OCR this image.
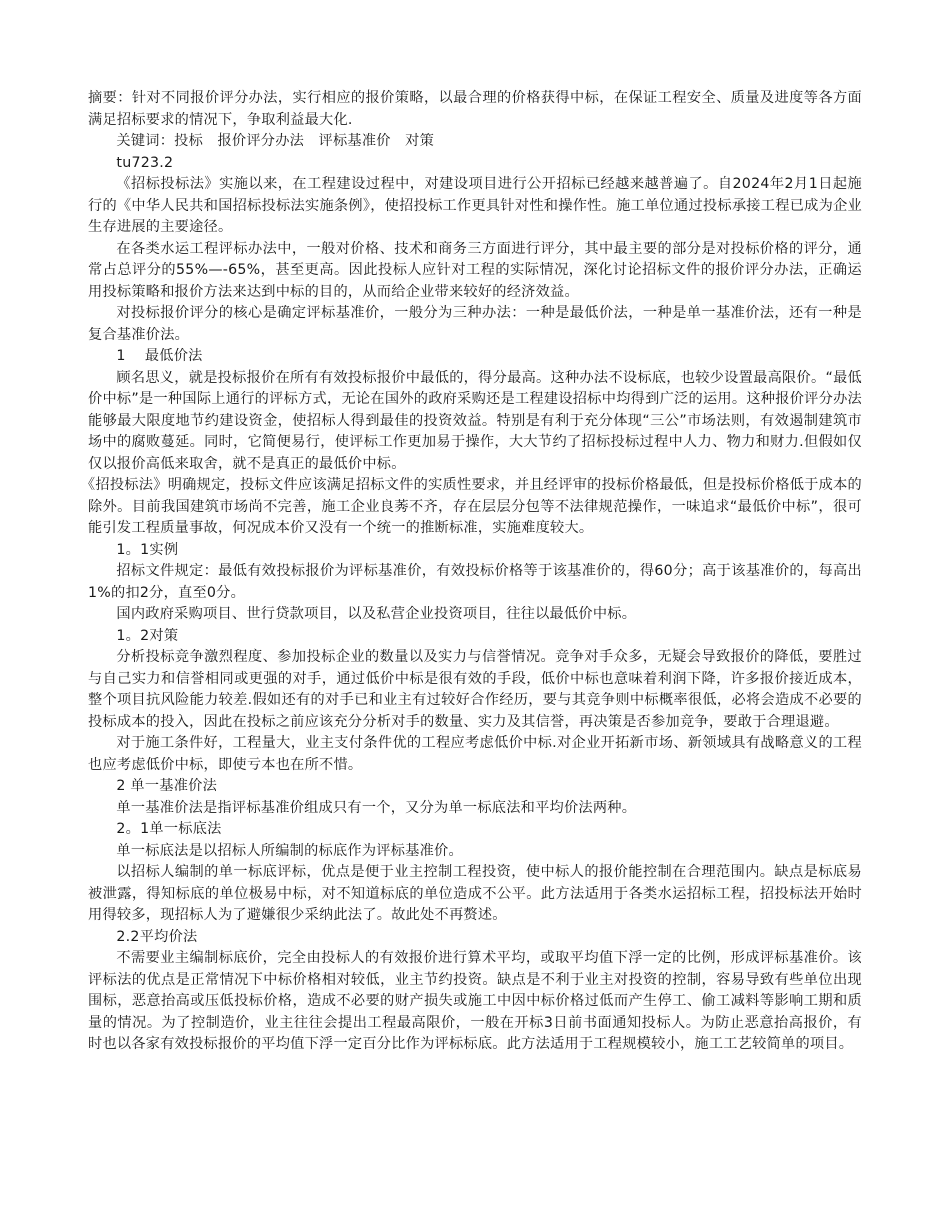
摘要：针对不同报价评分办法，实行相应的报价策略，以最合理的价格获得中标，在保证工程安全、质量及进度等各方面满足招标要求的情况下，争取利益最大化.

关键词：投标　报价评分办法　评标基准价　对策

tu723.2

《招标投标法》实施以来，在工程建设过程中，对建设项目进行公开招标已经越来越普遍了。自2024年2月1日起施行的《中华人民共和国招标投标法实施条例》，使招投标工作更具针对性和操作性。施工单位通过投标承接工程已成为企业生存进展的主要途径。

在各类水运工程评标办法中，一般对价格、技术和商务三方面进行评分，其中最主要的部分是对投标价格的评分，通常占总评分的55%—-65%，甚至更高。因此投标人应针对工程的实际情况，深化讨论招标文件的报价评分办法，正确运用投标策略和报价方法来达到中标的目的，从而给企业带来较好的经济效益。

对投标报价评分的核心是确定评标基准价，一般分为三种办法：一种是最低价法，一种是单一基准价法，还有一种是复合基准价法。

1　 最低价法

顾名思义，就是投标报价在所有有效投标报价中最低的，得分最高。这种办法不设标底，也较少设置最高限价。“最低价中标”是一种国际上通行的评标方式，无论在国外的政府采购还是工程建设招标中均得到广泛的运用。这种报价评分办法能够最大限度地节约建设资金，使招标人得到最佳的投资效益。特别是有利于充分体现“三公”市场法则，有效遏制建筑市场中的腐败蔓延。同时，它简便易行，使评标工作更加易于操作，大大节约了招标投标过程中人力、物力和财力.但假如仅仅以报价高低来取舍，就不是真正的最低价中标。

《招投标法》明确规定，投标文件应该满足招标文件的实质性要求，并且经评审的投标价格最低，但是投标价格低于成本的除外。目前我国建筑市场尚不完善，施工企业良莠不齐，存在层层分包等不法律规范操作，一味追求“最低价中标”，很可能引发工程质量事故，何况成本价又没有一个统一的推断标准，实施难度较大。

1。1实例

招标文件规定：最低有效投标报价为评标基准价，有效投标价格等于该基准价的，得60分；高于该基准价的，每高出1%的扣2分，直至0分。

国内政府采购项目、世行贷款项目，以及私营企业投资项目，往往以最低价中标。

1。2对策

分析投标竞争激烈程度、参加投标企业的数量以及实力与信誉情况。竞争对手众多，无疑会导致报价的降低，要胜过与自己实力和信誉相同或更强的对手，通过低价中标是很有效的手段，低价中标也意味着利润下降，许多报价接近成本，整个项目抗风险能力较差.假如还有的对手已和业主有过较好合作经历，要与其竞争则中标概率很低，必将会造成不必要的投标成本的投入，因此在投标之前应该充分分析对手的数量、实力及其信誉，再决策是否参加竞争，要敢于合理退避。

对于施工条件好，工程量大，业主支付条件优的工程应考虑低价中标.对企业开拓新市场、新领域具有战略意义的工程也应考虑低价中标，即使亏本也在所不惜。

2 单一基准价法

单一基准价法是指评标基准价组成只有一个，又分为单一标底法和平均价法两种。

2。1单一标底法

单一标底法是以招标人所编制的标底作为评标基准价。

以招标人编制的单一标底评标，优点是便于业主控制工程投资，使中标人的报价能控制在合理范围内。缺点是标底易被泄露，得知标底的单位极易中标，对不知道标底的单位造成不公平。此方法适用于各类水运招标工程，招投标法开始时用得较多，现招标人为了避嫌很少采纳此法了。故此处不再赘述。

2.2平均价法

不需要业主编制标底价，完全由投标人的有效报价进行算术平均，或取平均值下浮一定的比例，形成评标基准价。该评标法的优点是正常情况下中标价格相对较低，业主节约投资。缺点是不利于业主对投资的控制，容易导致有些单位出现围标，恶意抬高或压低投标价格，造成不必要的财产损失或施工中因中标价格过低而产生停工、偷工减料等影响工期和质量的情况。为了控制造价，业主往往会提出工程最高限价，一般在开标3日前书面通知投标人。为防止恶意抬高报价，有时也以各家有效投标报价的平均值下浮一定百分比作为评标标底。此方法适用于工程规模较小，施工工艺较简单的项目。
